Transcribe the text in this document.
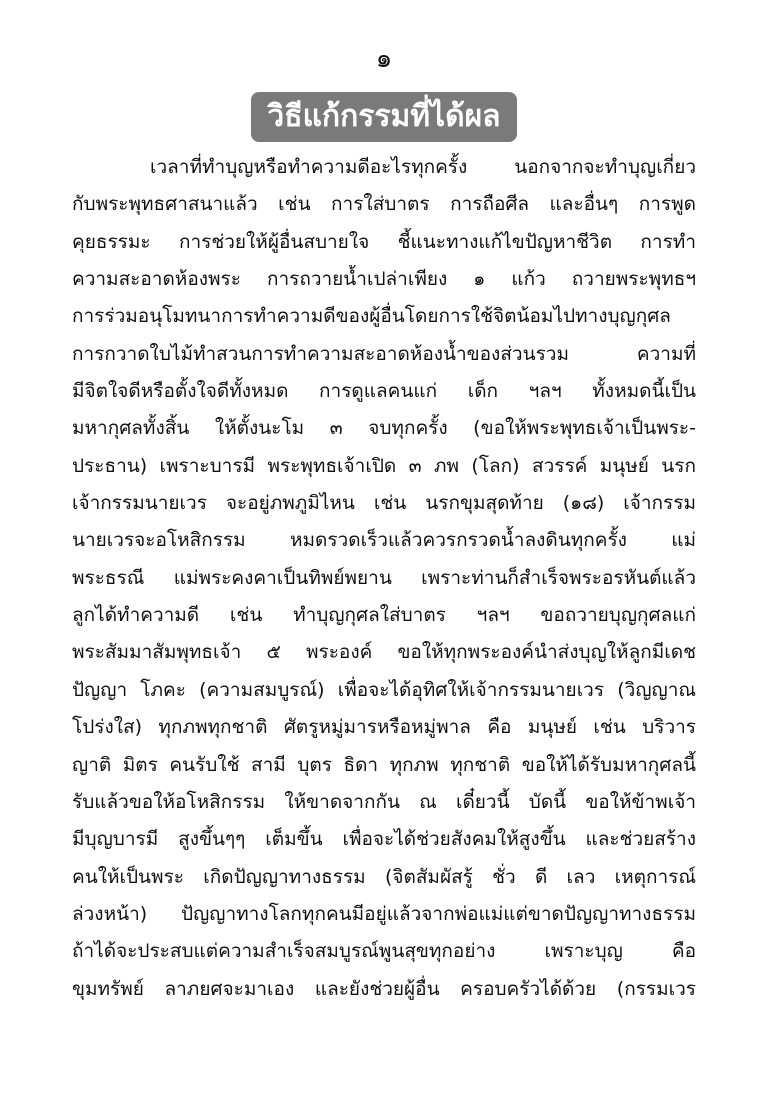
๑
วิธีแก้กรรมที่ได้ผล
เวลาที่ทำบุญหรือทำความดีอะไรทุกครั้ง นอกจากจะทำบุญเกี่ยว
กับพระพุทธศาสนาแล้ว เช่น การใส่บาตร การถือศีล และอื่นๆ การพูด
คุยธรรมะ การช่วยให้ผู้อื่นสบายใจ ชี้แนะทางแก้ไขปัญหาชีวิต การทำ
ความสะอาดห้องพระ การถวายน้ำเปล่าเพียง ๑ แก้ว ถวายพระพุทธฯ
การร่วมอนุโมทนาการทำความดีของผู้อื่นโดยการใช้จิตน้อมไปทางบุญกุศล
การกวาดใบไม้ทำสวนการทำความสะอาดห้องน้ำของส่วนรวม ความที่
มีจิตใจดีหรือตั้งใจดีทั้งหมด การดูแลคนแก่ เด็ก ฯลฯ ทั้งหมดนี้เป็น
มหากุศลทั้งสิ้น ให้ตั้งนะโม ๓ จบทุกครั้ง (ขอให้พระพุทธเจ้าเป็นพระ-
ประธาน) เพราะบารมี พระพุทธเจ้าเปิด ๓ ภพ (โลก) สวรรค์ มนุษย์ นรก
เจ้ากรรมนายเวร จะอยู่ภพภูมิไหน เช่น นรกขุมสุดท้าย (๑๘) เจ้ากรรม
นายเวรจะอโหสิกรรม หมดรวดเร็วแล้วควรกรวดน้ำลงดินทุกครั้ง แม่
พระธรณี แม่พระคงคาเป็นทิพย์พยาน เพราะท่านก็สำเร็จพระอรหันต์แล้ว
ลูกได้ทำความดี เช่น ทำบุญกุศลใส่บาตร ฯลฯ ขอถวายบุญกุศลแก่
พระสัมมาสัมพุทธเจ้า ๕ พระองค์ ขอให้ทุกพระองค์นำส่งบุญให้ลูกมีเดช
ปัญญา โภคะ (ความสมบูรณ์) เพื่อจะได้อุทิศให้เจ้ากรรมนายเวร (วิญญาณ
โปร่งใส) ทุกภพทุกชาติ ศัตรูหมู่มารหรือหมู่พาล คือ มนุษย์ เช่น บริวาร
ญาติ มิตร คนรับใช้ สามี บุตร ธิดา ทุกภพ ทุกชาติ ขอให้ได้รับมหากุศลนี้
รับแล้วขอให้อโหสิกรรม ให้ขาดจากกัน ณ เดี๋ยวนี้ บัดนี้ ขอให้ข้าพเจ้า
มีบุญบารมี สูงขึ้นๆๆ เต็มขึ้น เพื่อจะได้ช่วยสังคมให้สูงขึ้น และช่วยสร้าง
คนให้เป็นพระ เกิดปัญญาทางธรรม (จิตสัมผัสรู้ ชั่ว ดี เลว เหตุการณ์
ล่วงหน้า) ปัญญาทางโลกทุกคนมีอยู่แล้วจากพ่อแม่แต่ขาดปัญญาทางธรรม
ถ้าได้จะประสบแต่ความสำเร็จสมบูรณ์พูนสุขทุกอย่าง เพราะบุญ คือ
ขุมทรัพย์ ลาภยศจะมาเอง และยังช่วยผู้อื่น ครอบครัวได้ด้วย (กรรมเวร
